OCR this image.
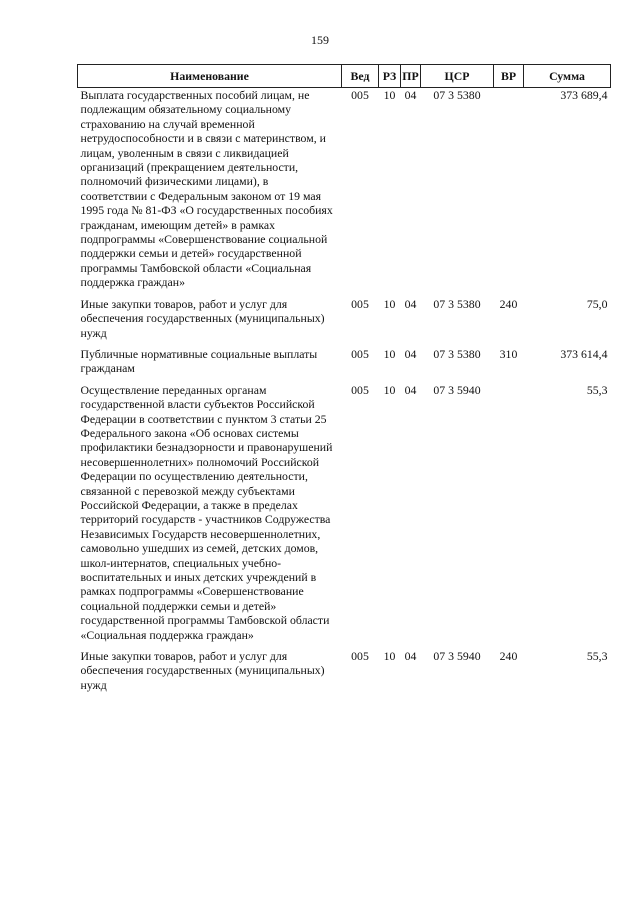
159
Наименование	Вед	РЗ	ПР	ЦСР	ВР	Сумма
Выплата государственных пособий лицам, не подлежащим обязательному социальному страхованию на случай временной нетрудоспособности и в связи с материнством, и лицам, уволенным в связи с ликвидацией организаций (прекращением деятельности, полномочий физическими лицами), в соответствии с Федеральным законом от 19 мая 1995 года № 81-ФЗ «О государственных пособиях гражданам, имеющим детей» в рамках подпрограммы «Совершенствование социальной поддержки семьи и детей» государственной программы Тамбовской области «Социальная поддержка граждан»	005	10	04	07 3 5380		373 689,4
Иные закупки товаров, работ и услуг для обеспечения государственных (муниципальных) нужд	005	10	04	07 3 5380	240	75,0
Публичные нормативные социальные выплаты гражданам	005	10	04	07 3 5380	310	373 614,4
Осуществление переданных органам государственной власти субъектов Российской Федерации в соответствии с пунктом 3 статьи 25 Федерального закона «Об основах системы профилактики безнадзорности и правонарушений несовершеннолетних» полномочий Российской Федерации по осуществлению деятельности, связанной с перевозкой между субъектами Российской Федерации, а также в пределах территорий государств - участников Содружества Независимых Государств несовершеннолетних, самовольно ушедших из семей, детских домов, школ-интернатов, специальных учебно-воспитательных и иных детских учреждений в рамках подпрограммы «Совершенствование социальной поддержки семьи и детей» государственной программы Тамбовской области «Социальная поддержка граждан»	005	10	04	07 3 5940		55,3
Иные закупки товаров, работ и услуг для обеспечения государственных (муниципальных) нужд	005	10	04	07 3 5940	240	55,3
